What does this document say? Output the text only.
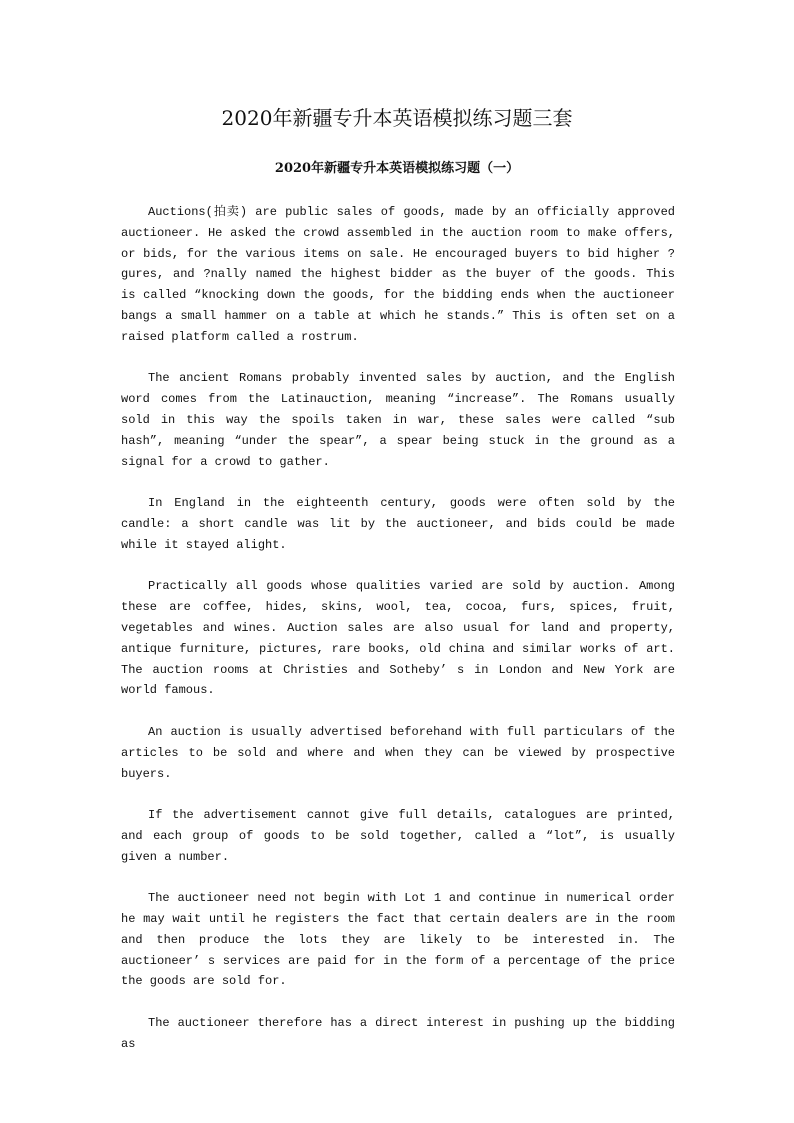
2020年新疆专升本英语模拟练习题三套
2020年新疆专升本英语模拟练习题（一）

Auctions(拍卖) are public sales of goods, made by an officially approved auctioneer. He asked the crowd assembled in the auction room to make offers, or bids, for the various items on sale. He encouraged buyers to bid higher ?gures, and ?nally named the highest bidder as the buyer of the goods. This is called “knocking down the goods, for the bidding ends when the auctioneer bangs a small hammer on a table at which he stands.” This is often set on a raised platform called a rostrum.

The ancient Romans probably invented sales by auction, and the English word comes from the Latinauction, meaning “increase”. The Romans usually sold in this way the spoils taken in war, these sales were called “sub hash”, meaning “under the spear”, a spear being stuck in the ground as a signal for a crowd to gather.

In England in the eighteenth century, goods were often sold by the candle: a short candle was lit by the auctioneer, and bids could be made while it stayed alight.

Practically all goods whose qualities varied are sold by auction. Among these are coffee, hides, skins, wool, tea, cocoa, furs, spices, fruit, vegetables and wines. Auction sales are also usual for land and property, antique furniture, pictures, rare books, old china and similar works of art. The auction rooms at Christies and Sotheby’ s in London and New York are world famous.

An auction is usually advertised beforehand with full particulars of the articles to be sold and where and when they can be viewed by prospective buyers.

If the advertisement cannot give full details, catalogues are printed, and each group of goods to be sold together, called a “lot”, is usually given a number.

The auctioneer need not begin with Lot 1 and continue in numerical order he may wait until he registers the fact that certain dealers are in the room and then produce the lots they are likely to be interested in. The auctioneer’ s services are paid for in the form of a percentage of the price the goods are sold for.

The auctioneer therefore has a direct interest in pushing up the bidding as
